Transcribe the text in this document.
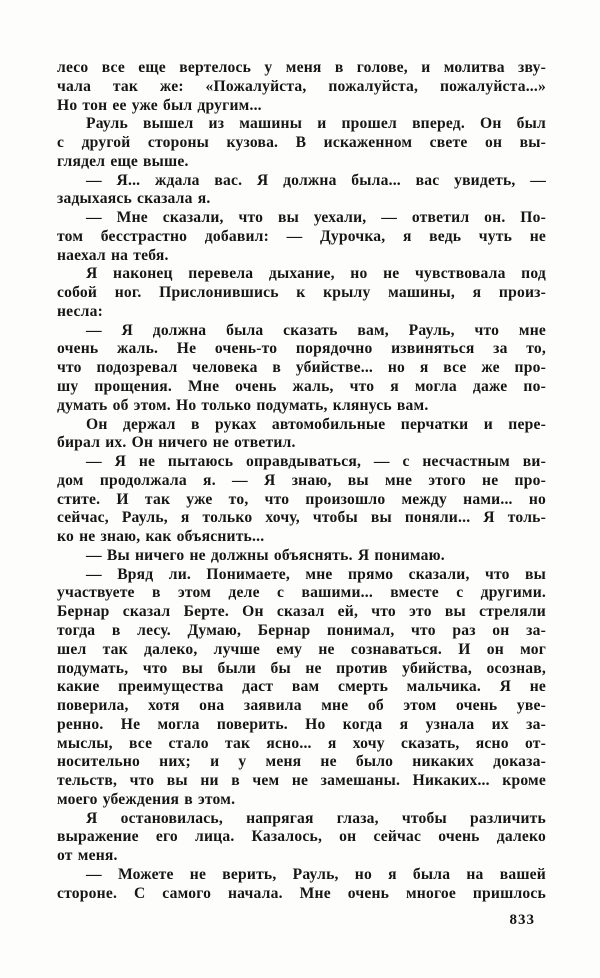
лесо все еще вертелось у меня в голове, и молитва зву-
чала так же: «Пожалуйста, пожалуйста, пожалуйста...»
Но тон ее уже был другим...
Рауль вышел из машины и прошел вперед. Он был
с другой стороны кузова. В искаженном свете он вы-
глядел еще выше.
— Я... ждала вас. Я должна была... вас увидеть, —
задыхаясь сказала я.
— Мне сказали, что вы уехали, — ответил он. По-
том бесстрастно добавил: — Дурочка, я ведь чуть не
наехал на тебя.
Я наконец перевела дыхание, но не чувствовала под
собой ног. Прислонившись к крылу машины, я произ-
несла:
— Я должна была сказать вам, Рауль, что мне
очень жаль. Не очень-то порядочно извиняться за то,
что подозревал человека в убийстве... но я все же про-
шу прощения. Мне очень жаль, что я могла даже по-
думать об этом. Но только подумать, клянусь вам.
Он держал в руках автомобильные перчатки и пере-
бирал их. Он ничего не ответил.
— Я не пытаюсь оправдываться, — с несчастным ви-
дом продолжала я. — Я знаю, вы мне этого не про-
стите. И так уже то, что произошло между нами... но
сейчас, Рауль, я только хочу, чтобы вы поняли... Я толь-
ко не знаю, как объяснить...
— Вы ничего не должны объяснять. Я понимаю.
— Вряд ли. Понимаете, мне прямо сказали, что вы
участвуете в этом деле с вашими... вместе с другими.
Бернар сказал Берте. Он сказал ей, что это вы стреляли
тогда в лесу. Думаю, Бернар понимал, что раз он за-
шел так далеко, лучше ему не сознаваться. И он мог
подумать, что вы были бы не против убийства, осознав,
какие преимущества даст вам смерть мальчика. Я не
поверила, хотя она заявила мне об этом очень уве-
ренно. Не могла поверить. Но когда я узнала их за-
мыслы, все стало так ясно... я хочу сказать, ясно от-
носительно них; и у меня не было никаких доказа-
тельств, что вы ни в чем не замешаны. Никаких... кроме
моего убеждения в этом.
Я остановилась, напрягая глаза, чтобы различить
выражение его лица. Казалось, он сейчас очень далеко
от меня.
— Можете не верить, Рауль, но я была на вашей
стороне. С самого начала. Мне очень многое пришлось
833
